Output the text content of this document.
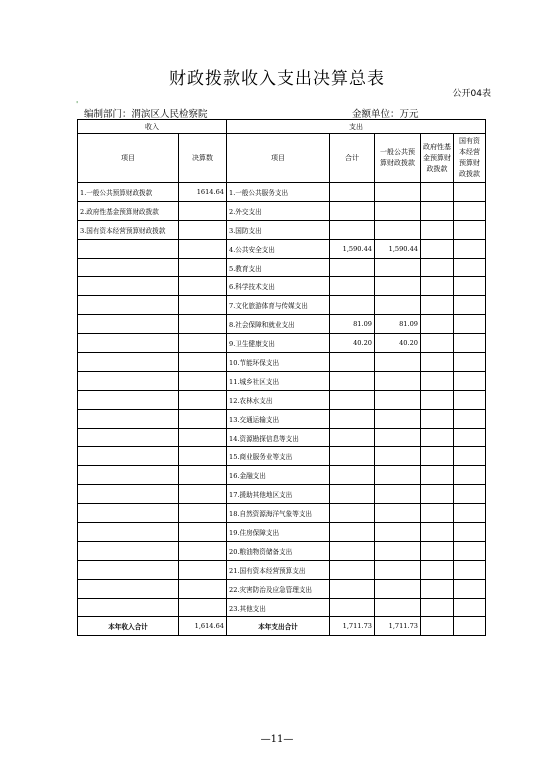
财政拨款收入支出决算总表
公开04表
'
编制部门：渭滨区人民检察院	金额单位：万元
收入		支出				
项目	决算数	项目	合计	一般公共预算财政拨款	政府性基金预算财政拨款	国有资本经营预算财政拨款
1.一般公共预算财政拨款	1614.64	1.一般公共服务支出				
2.政府性基金预算财政拨款		2.外交支出				
3.国有资本经营预算财政拨款		3.国防支出				
		4.公共安全支出	1,590.44	1,590.44		
		5.教育支出				
		6.科学技术支出				
		7.文化旅游体育与传媒支出				
		8.社会保障和就业支出	81.09	81.09		
		9.卫生健康支出	40.20	40.20		
		10.节能环保支出				
		11.城乡社区支出				
		12.农林水支出				
		13.交通运输支出				
		14.资源勘探信息等支出				
		15.商业服务业等支出				
		16.金融支出				
		17.援助其他地区支出				
		18.自然资源海洋气象等支出				
		19.住房保障支出				
		20.粮油物资储备支出				
		21.国有资本经营预算支出				
		22.灾害防治及应急管理支出				
		23.其他支出				
本年收入合计	1,614.64	本年支出合计	1,711.73	1,711.73		
—11—
